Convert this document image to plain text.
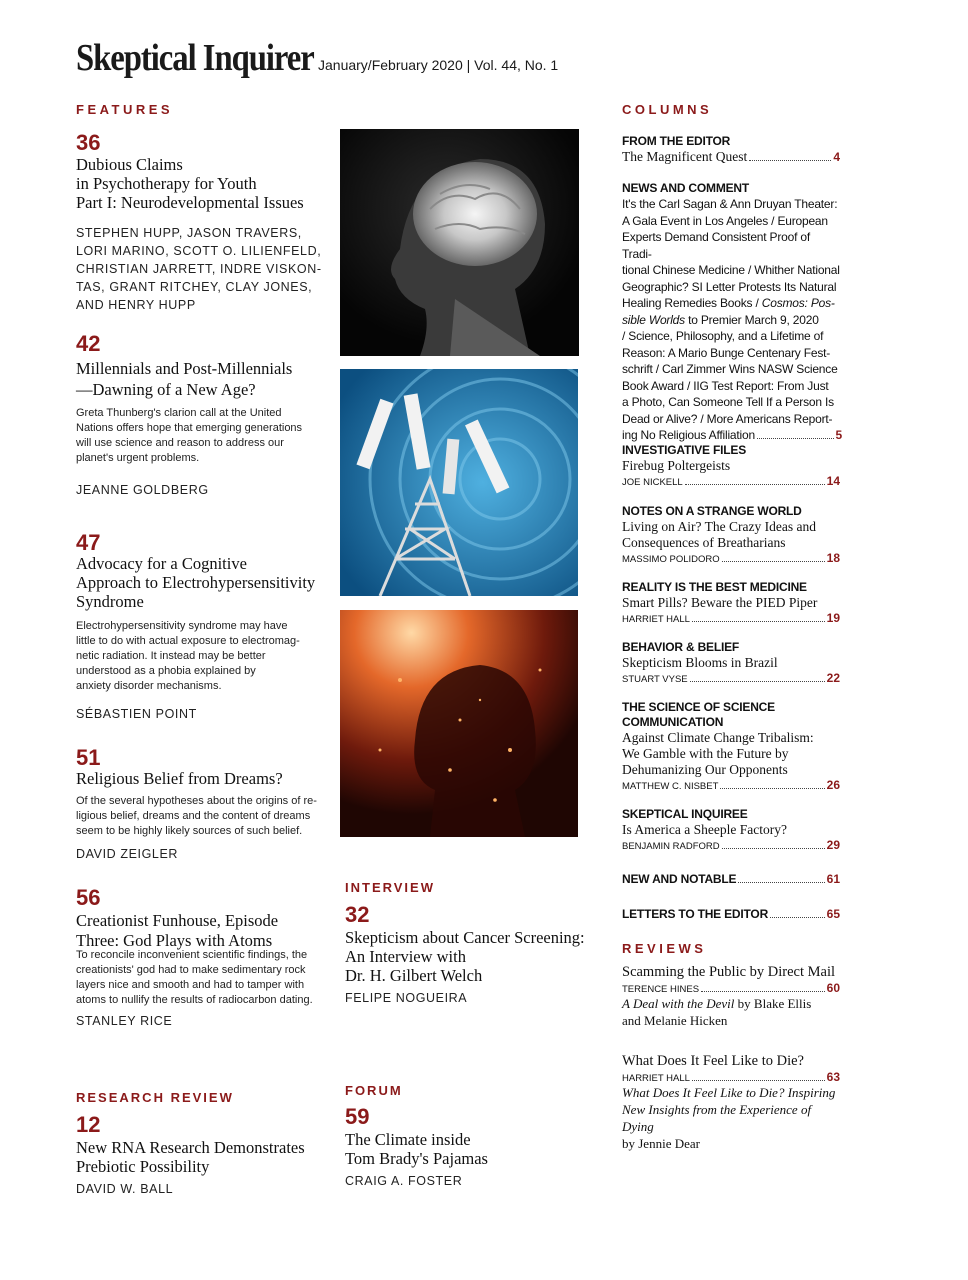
Skeptical Inquirer January/February 2020 | Vol. 44, No. 1
FEATURES
36
Dubious Claims
in Psychotherapy for Youth
Part I: Neurodevelopmental Issues
STEPHEN HUPP, JASON TRAVERS,
LORI MARINO, SCOTT O. LILIENFELD,
CHRISTIAN JARRETT, INDRE VISKON-
TAS, GRANT RITCHEY, CLAY JONES,
AND HENRY HUPP
42
Millennials and Post-Millennials
—Dawning of a New Age?
Greta Thunberg's clarion call at the United
Nations offers hope that emerging generations
will use science and reason to address our
planet's urgent problems.
JEANNE GOLDBERG
47
Advocacy for a Cognitive
Approach to Electrohypersensitivity
Syndrome
Electrohypersensitivity syndrome may have
little to do with actual exposure to electromag-
netic radiation. It instead may be better
understood as a phobia explained by
anxiety disorder mechanisms.
SÉBASTIEN POINT
51
Religious Belief from Dreams?
Of the several hypotheses about the origins of re-
ligious belief, dreams and the content of dreams
seem to be highly likely sources of such belief.
DAVID ZEIGLER
56
Creationist Funhouse, Episode
Three: God Plays with Atoms
To reconcile inconvenient scientific findings, the
creationists' god had to make sedimentary rock
layers nice and smooth and had to tamper with
atoms to nullify the results of radiocarbon dating.
STANLEY RICE
RESEARCH REVIEW
12
New RNA Research Demonstrates
Prebiotic Possibility
DAVID W. BALL
INTERVIEW
32
Skepticism about Cancer Screening:
An Interview with
Dr. H. Gilbert Welch
FELIPE NOGUEIRA
FORUM
59
The Climate inside
Tom Brady's Pajamas
CRAIG A. FOSTER
COLUMNS
FROM THE EDITOR
The Magnificent Quest	4
NEWS AND COMMENT
It's the Carl Sagan & Ann Druyan Theater:
A Gala Event in Los Angeles / European
Experts Demand Consistent Proof of Tradi-
tional Chinese Medicine / Whither National
Geographic? SI Letter Protests Its Natural
Healing Remedies Books / Cosmos: Pos-
sible Worlds to Premier March 9, 2020
/ Science, Philosophy, and a Lifetime of
Reason: A Mario Bunge Centenary Fest-
schrift / Carl Zimmer Wins NASW Science
Book Award / IIG Test Report: From Just
a Photo, Can Someone Tell If a Person Is
Dead or Alive? / More Americans Report-
ing No Religious Affiliation	5
INVESTIGATIVE FILES
Firebug Poltergeists
JOE NICKELL	14
NOTES ON A STRANGE WORLD
Living on Air? The Crazy Ideas and
Consequences of Breatharians
MASSIMO POLIDORO	18
REALITY IS THE BEST MEDICINE
Smart Pills? Beware the PIED Piper
HARRIET HALL	19
BEHAVIOR & BELIEF
Skepticism Blooms in Brazil
STUART VYSE	22
THE SCIENCE OF SCIENCE
COMMUNICATION
Against Climate Change Tribalism:
We Gamble with the Future by
Dehumanizing Our Opponents
MATTHEW C. NISBET	26
SKEPTICAL INQUIREE
Is America a Sheeple Factory?
BENJAMIN RADFORD	29
NEW AND NOTABLE	61
LETTERS TO THE EDITOR	65
REVIEWS
Scamming the Public by Direct Mail
TERENCE HINES	60
A Deal with the Devil by Blake Ellis
and Melanie Hicken
What Does It Feel Like to Die?
HARRIET HALL	63
What Does It Feel Like to Die? Inspiring
New Insights from the Experience of Dying
by Jennie Dear
